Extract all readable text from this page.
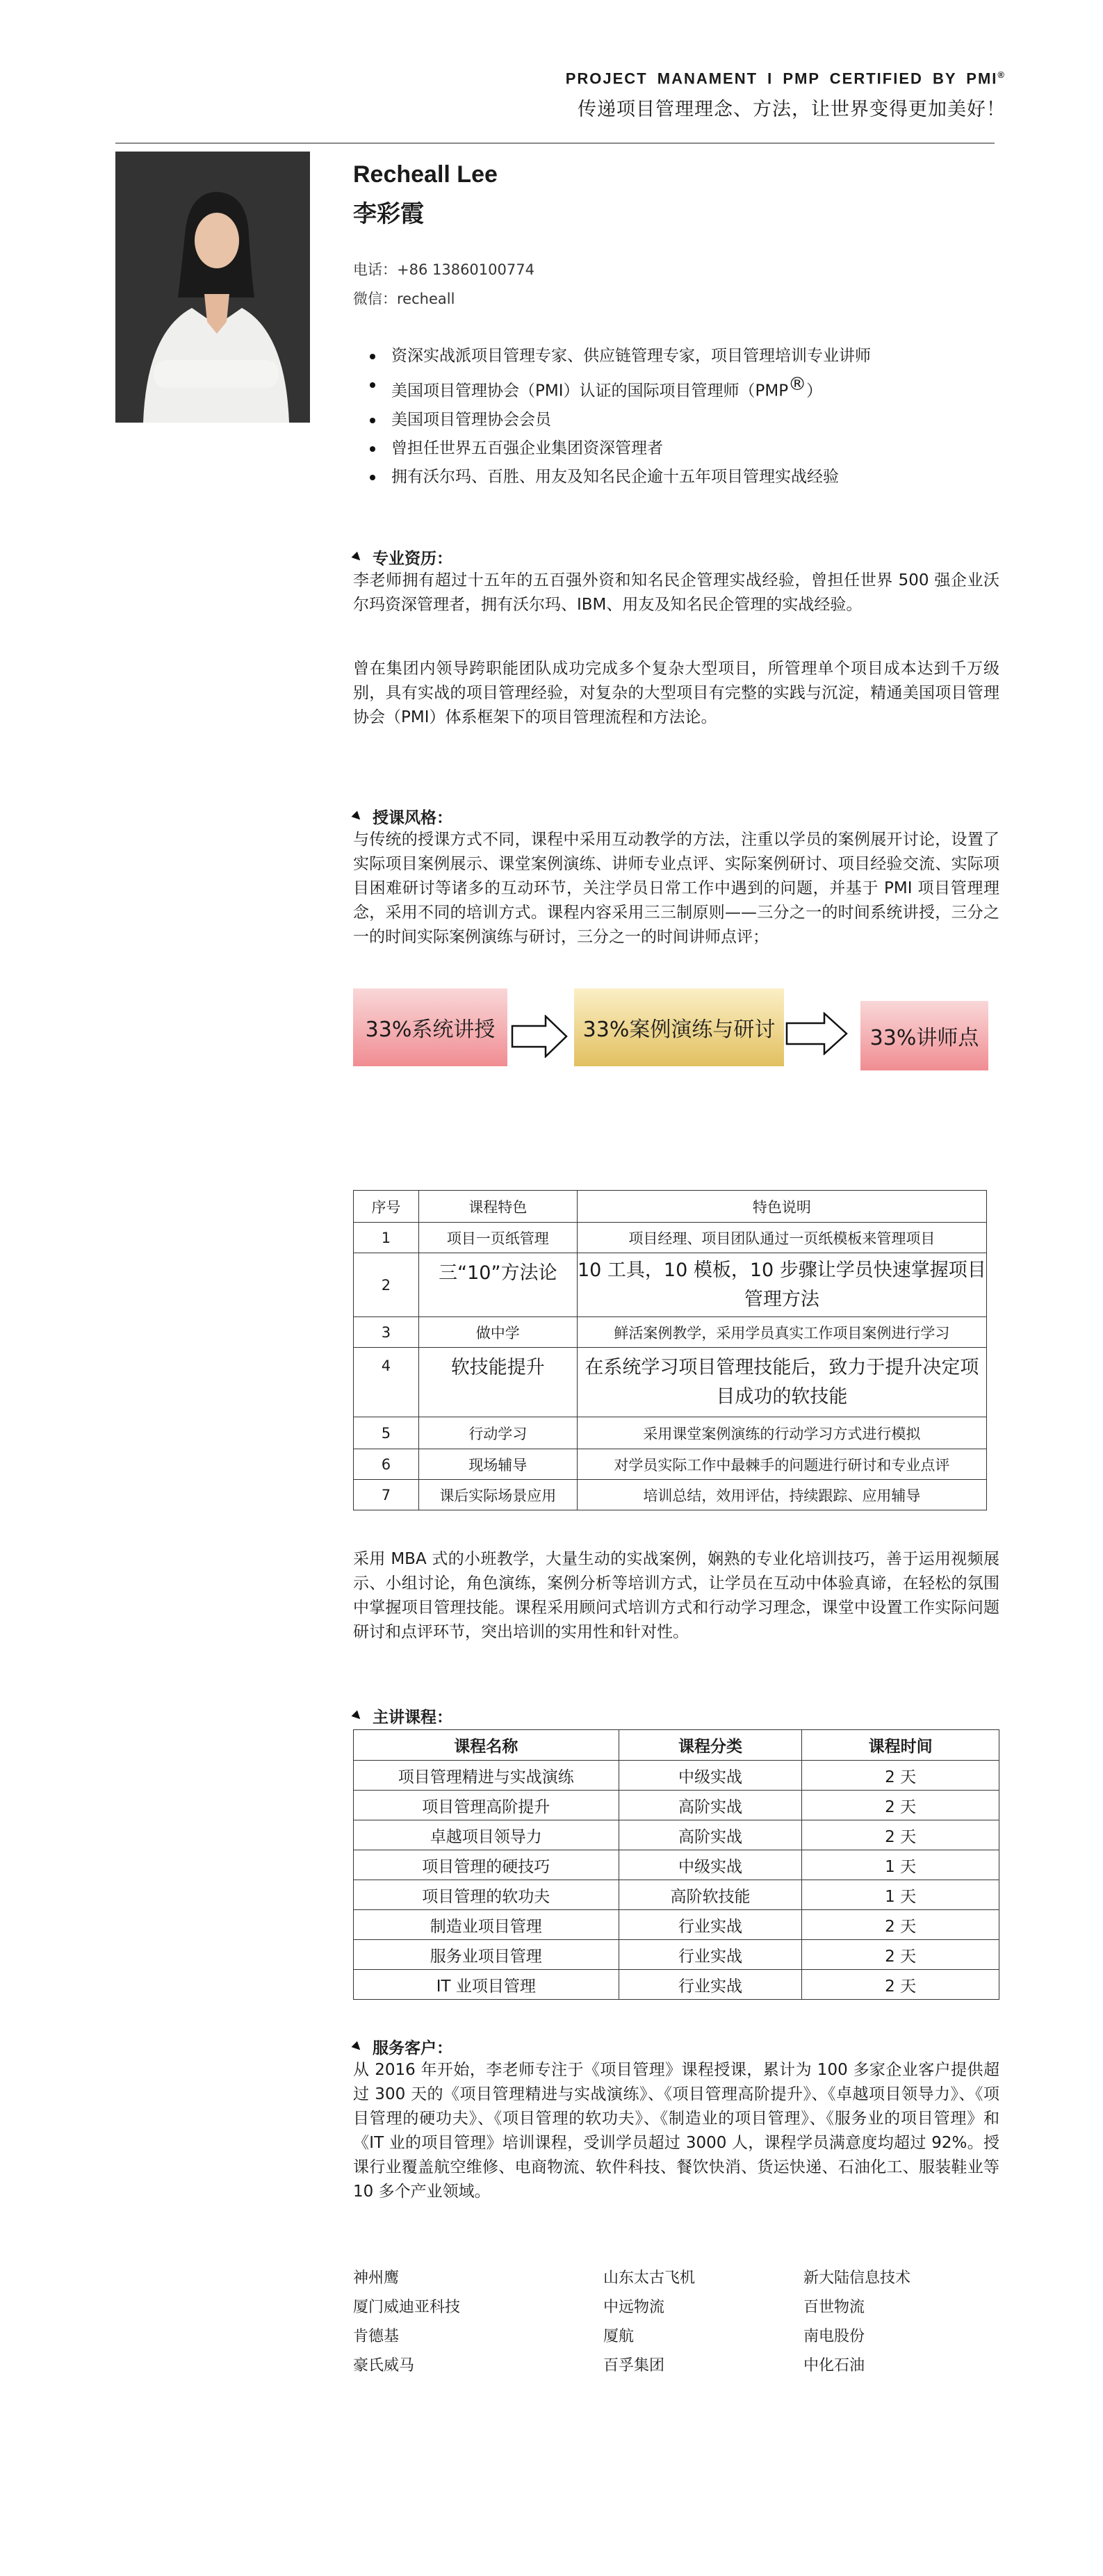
PROJECT MANAMENT I PMP CERTIFIED BY PMI®
传递项目管理理念、方法，让世界变得更加美好！
Recheall Lee
李彩霞
电话：+86 13860100774
微信：recheall
资深实战派项目管理专家、供应链管理专家，项目管理培训专业讲师
美国项目管理协会（PMI）认证的国际项目管理师（PMP®）
美国项目管理协会会员
曾担任世界五百强企业集团资深管理者
拥有沃尔玛、百胜、用友及知名民企逾十五年项目管理实战经验
专业资历：
李老师拥有超过十五年的五百强外资和知名民企管理实战经验，曾担任世界 500 强企业沃尔玛资深管理者，拥有沃尔玛、IBM、用友及知名民企管理的实战经验。
曾在集团内领导跨职能团队成功完成多个复杂大型项目，所管理单个项目成本达到千万级别，具有实战的项目管理经验，对复杂的大型项目有完整的实践与沉淀，精通美国项目管理协会（PMI）体系框架下的项目管理流程和方法论。
授课风格：
与传统的授课方式不同，课程中采用互动教学的方法，注重以学员的案例展开讨论，设置了实际项目案例展示、课堂案例演练、讲师专业点评、实际案例研讨、项目经验交流、实际项目困难研讨等诸多的互动环节，关注学员日常工作中遇到的问题，并基于 PMI 项目管理理念，采用不同的培训方式。课程内容采用三三制原则——三分之一的时间系统讲授，三分之一的时间实际案例演练与研讨，三分之一的时间讲师点评；
33%系统讲授	33%案例演练与研讨	33%讲师点
序号	课程特色	特色说明
1	项目一页纸管理	项目经理、项目团队通过一页纸模板来管理项目
2	三“10”方法论	10 工具，10 模板，10 步骤让学员快速掌握项目管理方法
3	做中学	鲜活案例教学，采用学员真实工作项目案例进行学习
4	软技能提升	在系统学习项目管理技能后，致力于提升决定项目成功的软技能
5	行动学习	采用课堂案例演练的行动学习方式进行模拟
6	现场辅导	对学员实际工作中最棘手的问题进行研讨和专业点评
7	课后实际场景应用	培训总结，效用评估，持续跟踪、应用辅导
采用 MBA 式的小班教学，大量生动的实战案例，娴熟的专业化培训技巧，善于运用视频展示、小组讨论，角色演练，案例分析等培训方式，让学员在互动中体验真谛，在轻松的氛围中掌握项目管理技能。课程采用顾问式培训方式和行动学习理念，课堂中设置工作实际问题研讨和点评环节，突出培训的实用性和针对性。
主讲课程：
课程名称	课程分类	课程时间
项目管理精进与实战演练	中级实战	2 天
项目管理高阶提升	高阶实战	2 天
卓越项目领导力	高阶实战	2 天
项目管理的硬技巧	中级实战	1 天
项目管理的软功夫	高阶软技能	1 天
制造业项目管理	行业实战	2 天
服务业项目管理	行业实战	2 天
IT 业项目管理	行业实战	2 天
服务客户：
从 2016 年开始，李老师专注于《项目管理》课程授课，累计为 100 多家企业客户提供超过 300 天的《项目管理精进与实战演练》、《项目管理高阶提升》、《卓越项目领导力》、《项目管理的硬功夫》、《项目管理的软功夫》、《制造业的项目管理》、《服务业的项目管理》和《IT 业的项目管理》培训课程，受训学员超过 3000 人，课程学员满意度均超过 92%。授课行业覆盖航空维修、电商物流、软件科技、餐饮快消、货运快递、石油化工、服装鞋业等 10 多个产业领域。
神州鹰	山东太古飞机	新大陆信息技术
厦门威迪亚科技	中远物流	百世物流
肯德基	厦航	南电股份
豪氏威马	百孚集团	中化石油
